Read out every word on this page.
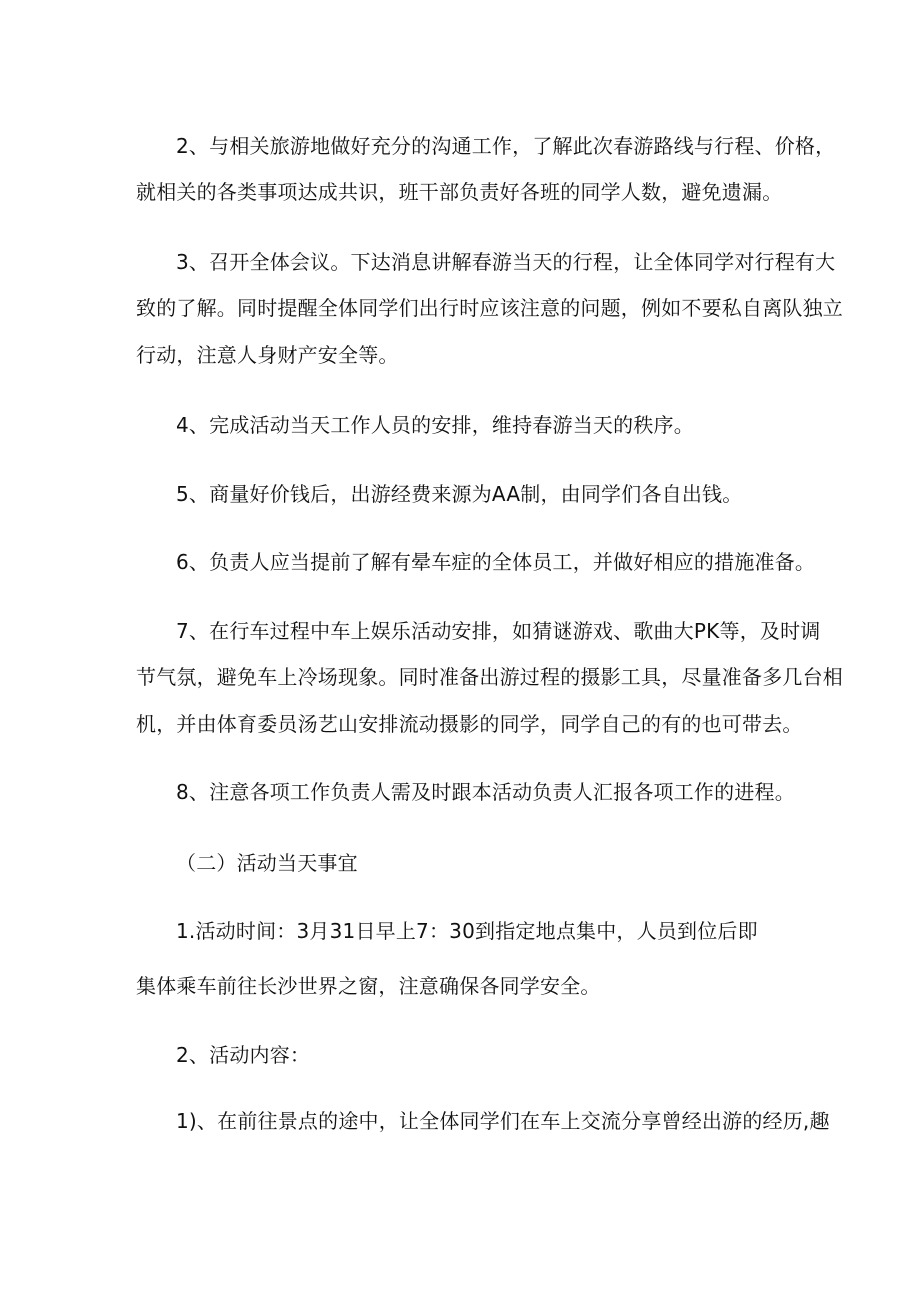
2、与相关旅游地做好充分的沟通工作，了解此次春游路线与行程、价格，
就相关的各类事项达成共识，班干部负责好各班的同学人数，避免遗漏。
3、召开全体会议。下达消息讲解春游当天的行程，让全体同学对行程有大
致的了解。同时提醒全体同学们出行时应该注意的问题，例如不要私自离队独立
行动，注意人身财产安全等。
4、完成活动当天工作人员的安排，维持春游当天的秩序。
5、商量好价钱后，出游经费来源为AA制，由同学们各自出钱。
6、负责人应当提前了解有晕车症的全体员工，并做好相应的措施准备。
7、在行车过程中车上娱乐活动安排，如猜谜游戏、歌曲大PK等，及时调
节气氛，避免车上冷场现象。同时准备出游过程的摄影工具，尽量准备多几台相
机，并由体育委员汤艺山安排流动摄影的同学，同学自己的有的也可带去。
8、注意各项工作负责人需及时跟本活动负责人汇报各项工作的进程。
（二）活动当天事宜
1.活动时间：3月31日早上7：30到指定地点集中，人员到位后即
集体乘车前往长沙世界之窗，注意确保各同学安全。
2、活动内容：
1)、在前往景点的途中，让全体同学们在车上交流分享曾经出游的经历,趣
